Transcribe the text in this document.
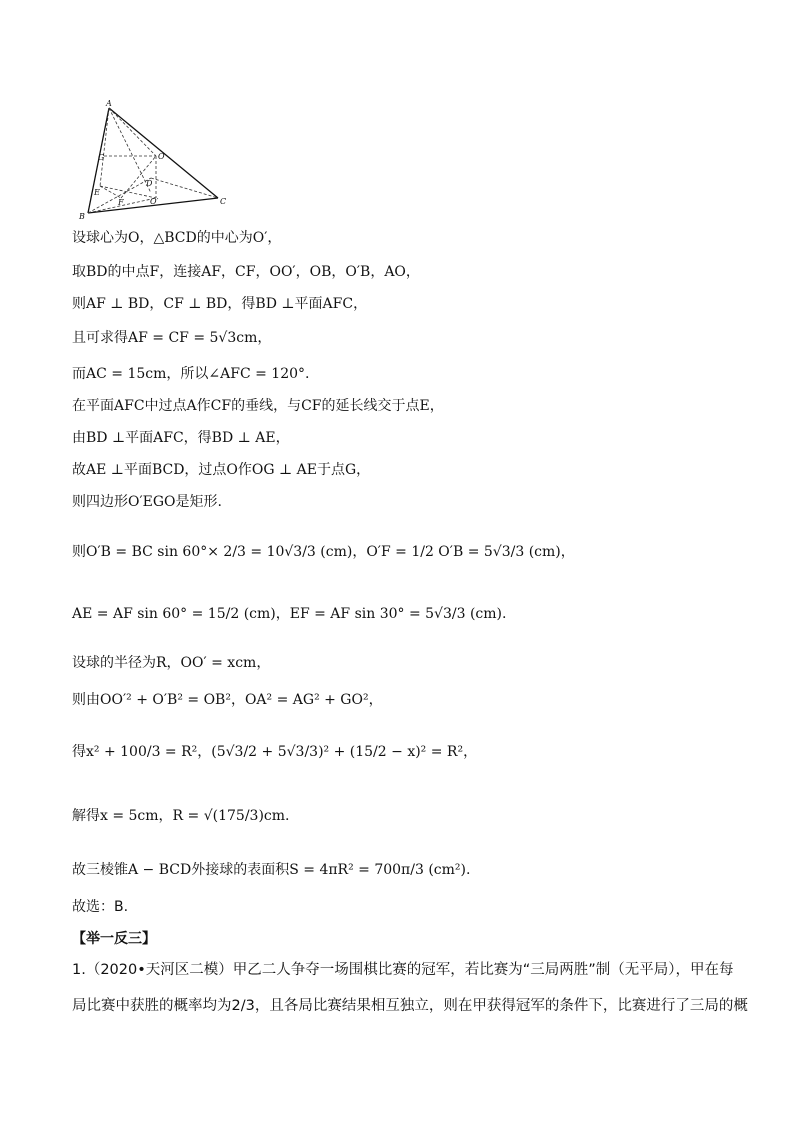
A
B
C
D
O
O′
F
E
G
设球心为O，△BCD的中心为O′，
取BD的中点F，连接AF，CF，OO′，OB，O′B，AO，
则AF ⊥ BD，CF ⊥ BD，得BD ⊥平面AFC，
且可求得AF = CF = 5√3cm，
而AC = 15cm，所以∠AFC = 120°.
在平面AFC中过点A作CF的垂线，与CF的延长线交于点E，
由BD ⊥平面AFC，得BD ⊥ AE，
故AE ⊥平面BCD，过点O作OG ⊥ AE于点G，
则四边形O′EGO是矩形.
则O′B = BC sin 60°× 2/3 = 10√3/3 (cm)，O′F = 1/2 O′B = 5√3/3 (cm)，
AE = AF sin 60° = 15/2 (cm)，EF = AF sin 30° = 5√3/3 (cm).
设球的半径为R，OO′ = xcm，
则由OO′² + O′B² = OB²，OA² = AG² + GO²，
得x² + 100/3 = R²，(5√3/2 + 5√3/3)² + (15/2 − x)² = R²，
解得x = 5cm，R = √(175/3)cm.
故三棱锥A − BCD外接球的表面积S = 4πR² = 700π/3 (cm²).
故选：B.
【举一反三】
1.（2020•天河区二模）甲乙二人争夺一场围棋比赛的冠军，若比赛为“三局两胜”制（无平局），甲在每
局比赛中获胜的概率均为2/3，且各局比赛结果相互独立，则在甲获得冠军的条件下，比赛进行了三局的概
